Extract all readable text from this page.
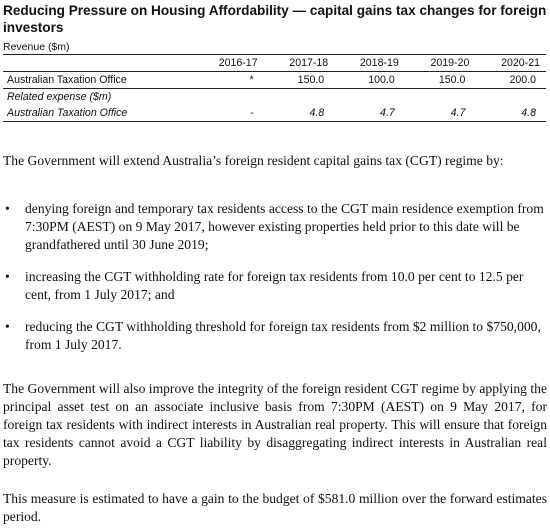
Reducing Pressure on Housing Affordability — capital gains tax changes for foreign investors
Revenue ($m)
	2016-17	2017-18	2018-19	2019-20	2020-21
Australian Taxation Office	*	150.0	100.0	150.0	200.0
Related expense ($m)					
Australian Taxation Office	-	4.8	4.7	4.7	4.8
The Government will extend Australia’s foreign resident capital gains tax (CGT) regime by:
• denying foreign and temporary tax residents access to the CGT main residence exemption from 7:30PM (AEST) on 9 May 2017, however existing properties held prior to this date will be grandfathered until 30 June 2019;
• increasing the CGT withholding rate for foreign tax residents from 10.0 per cent to 12.5 per cent, from 1 July 2017; and
• reducing the CGT withholding threshold for foreign tax residents from $2 million to $750,000, from 1 July 2017.
The Government will also improve the integrity of the foreign resident CGT regime by applying the principal asset test on an associate inclusive basis from 7:30PM (AEST) on 9 May 2017, for foreign tax residents with indirect interests in Australian real property. This will ensure that foreign tax residents cannot avoid a CGT liability by disaggregating indirect interests in Australian real property.
This measure is estimated to have a gain to the budget of $581.0 million over the forward estimates period.
